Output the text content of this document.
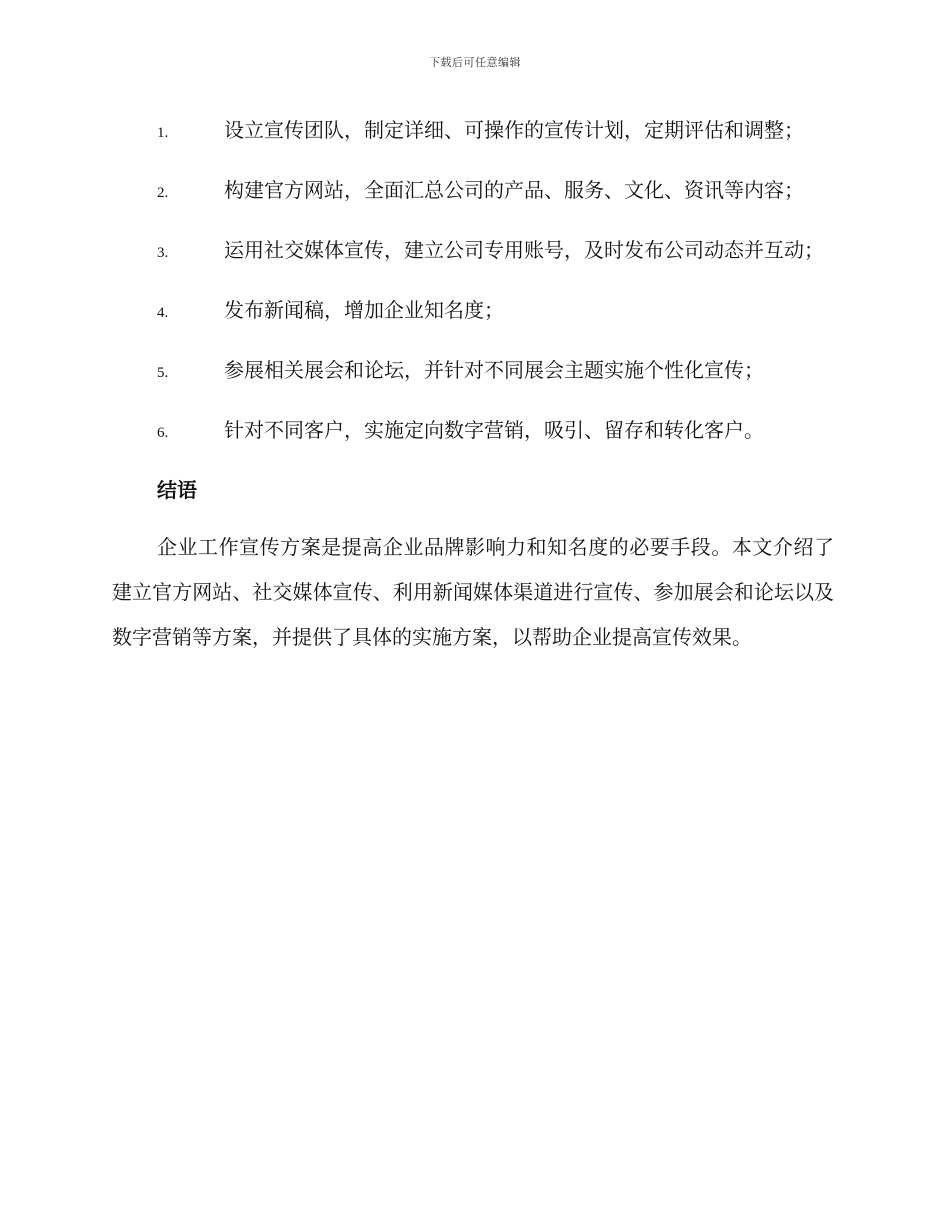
下载后可任意编辑
1.	设立宣传团队，制定详细、可操作的宣传计划，定期评估和调整；
2.	构建官方网站，全面汇总公司的产品、服务、文化、资讯等内容；
3.	运用社交媒体宣传，建立公司专用账号，及时发布公司动态并互动；
4.	发布新闻稿，增加企业知名度；
5.	参展相关展会和论坛，并针对不同展会主题实施个性化宣传；
6.	针对不同客户，实施定向数字营销，吸引、留存和转化客户。
结语
企业工作宣传方案是提高企业品牌影响力和知名度的必要手段。本文介绍了建立官方网站、社交媒体宣传、利用新闻媒体渠道进行宣传、参加展会和论坛以及数字营销等方案，并提供了具体的实施方案，以帮助企业提高宣传效果。
